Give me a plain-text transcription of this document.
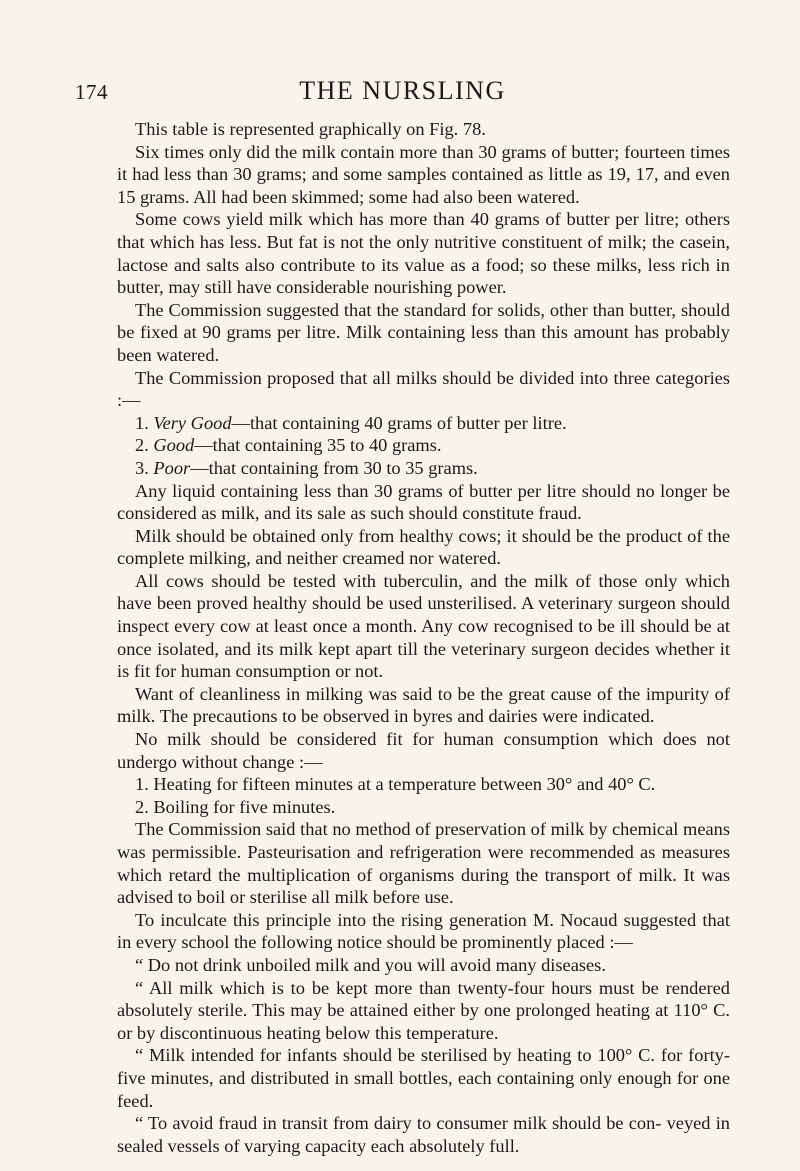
174	THE NURSLING

This table is represented graphically on Fig. 78.

Six times only did the milk contain more than 30 grams of butter; fourteen times it had less than 30 grams; and some samples contained as little as 19, 17, and even 15 grams. All had been skimmed; some had also been watered.

Some cows yield milk which has more than 40 grams of butter per litre; others that which has less. But fat is not the only nutritive constituent of milk; the casein, lactose and salts also contribute to its value as a food; so these milks, less rich in butter, may still have considerable nourishing power.

The Commission suggested that the standard for solids, other than butter, should be fixed at 90 grams per litre. Milk containing less than this amount has probably been watered.

The Commission proposed that all milks should be divided into three categories :—

1. Very Good—that containing 40 grams of butter per litre.

2. Good—that containing 35 to 40 grams.

3. Poor—that containing from 30 to 35 grams.

Any liquid containing less than 30 grams of butter per litre should no longer be considered as milk, and its sale as such should constitute fraud.

Milk should be obtained only from healthy cows; it should be the product of the complete milking, and neither creamed nor watered.

All cows should be tested with tuberculin, and the milk of those only which have been proved healthy should be used unsterilised. A veterinary surgeon should inspect every cow at least once a month. Any cow recognised to be ill should be at once isolated, and its milk kept apart till the veterinary surgeon decides whether it is fit for human consumption or not.

Want of cleanliness in milking was said to be the great cause of the impurity of milk. The precautions to be observed in byres and dairies were indicated.

No milk should be considered fit for human consumption which does not undergo without change :—

1. Heating for fifteen minutes at a temperature between 30° and 40° C.

2. Boiling for five minutes.

The Commission said that no method of preservation of milk by chemical means was permissible. Pasteurisation and refrigeration were recommended as measures which retard the multiplication of organisms during the transport of milk. It was advised to boil or sterilise all milk before use.

To inculcate this principle into the rising generation M. Nocaud suggested that in every school the following notice should be prominently placed :—

“ Do not drink unboiled milk and you will avoid many diseases.

“ All milk which is to be kept more than twenty-four hours must be rendered absolutely sterile. This may be attained either by one prolonged heating at 110° C. or by discontinuous heating below this temperature.

“ Milk intended for infants should be sterilised by heating to 100° C. for forty-five minutes, and distributed in small bottles, each containing only enough for one feed.

“ To avoid fraud in transit from dairy to consumer milk should be con- veyed in sealed vessels of varying capacity each absolutely full.
